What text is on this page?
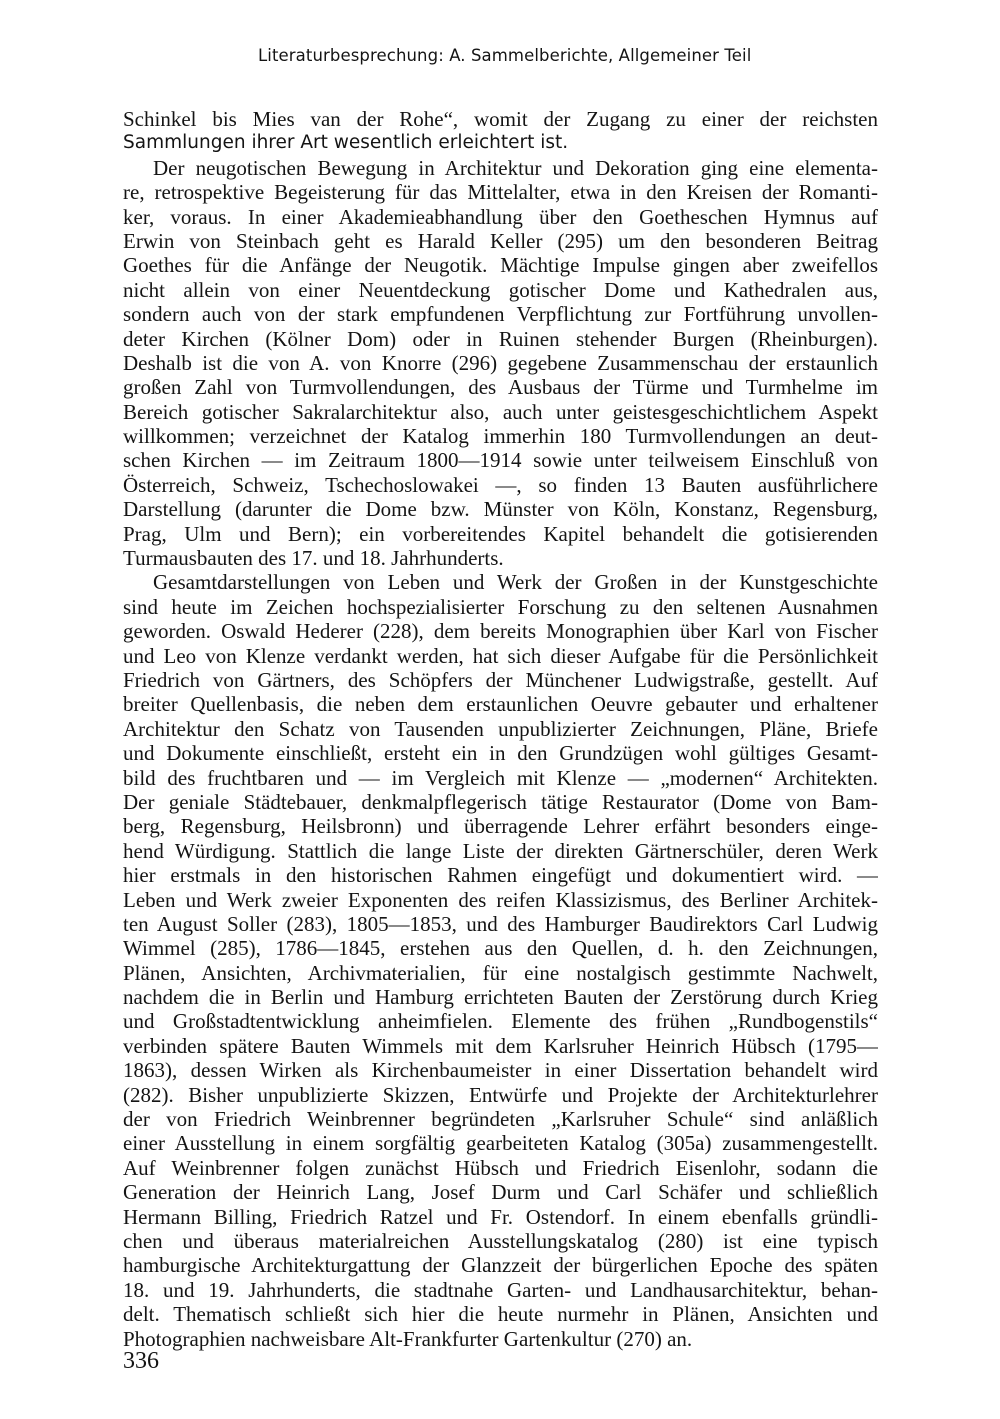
Literaturbesprechung: A. Sammelberichte, Allgemeiner Teil
Schinkel bis Mies van der Rohe“, womit der Zugang zu einer der reichsten
Sammlungen ihrer Art wesentlich erleichtert ist.
Der neugotischen Bewegung in Architektur und Dekoration ging eine elementa-
re, retrospektive Begeisterung für das Mittelalter, etwa in den Kreisen der Romanti-
ker, voraus. In einer Akademieabhandlung über den Goetheschen Hymnus auf
Erwin von Steinbach geht es Harald Keller (295) um den besonderen Beitrag
Goethes für die Anfänge der Neugotik. Mächtige Impulse gingen aber zweifellos
nicht allein von einer Neuentdeckung gotischer Dome und Kathedralen aus,
sondern auch von der stark empfundenen Verpflichtung zur Fortführung unvollen-
deter Kirchen (Kölner Dom) oder in Ruinen stehender Burgen (Rheinburgen).
Deshalb ist die von A. von Knorre (296) gegebene Zusammenschau der erstaunlich
großen Zahl von Turmvollendungen, des Ausbaus der Türme und Turmhelme im
Bereich gotischer Sakralarchitektur also, auch unter geistesgeschichtlichem Aspekt
willkommen; verzeichnet der Katalog immerhin 180 Turmvollendungen an deut-
schen Kirchen — im Zeitraum 1800—1914 sowie unter teilweisem Einschluß von
Österreich, Schweiz, Tschechoslowakei —, so finden 13 Bauten ausführlichere
Darstellung (darunter die Dome bzw. Münster von Köln, Konstanz, Regensburg,
Prag, Ulm und Bern); ein vorbereitendes Kapitel behandelt die gotisierenden
Turmausbauten des 17. und 18. Jahrhunderts.
Gesamtdarstellungen von Leben und Werk der Großen in der Kunstgeschichte
sind heute im Zeichen hochspezialisierter Forschung zu den seltenen Ausnahmen
geworden. Oswald Hederer (228), dem bereits Monographien über Karl von Fischer
und Leo von Klenze verdankt werden, hat sich dieser Aufgabe für die Persönlichkeit
Friedrich von Gärtners, des Schöpfers der Münchener Ludwigstraße, gestellt. Auf
breiter Quellenbasis, die neben dem erstaunlichen Oeuvre gebauter und erhaltener
Architektur den Schatz von Tausenden unpublizierter Zeichnungen, Pläne, Briefe
und Dokumente einschließt, ersteht ein in den Grundzügen wohl gültiges Gesamt-
bild des fruchtbaren und — im Vergleich mit Klenze — „modernen“ Architekten.
Der geniale Städtebauer, denkmalpflegerisch tätige Restaurator (Dome von Bam-
berg, Regensburg, Heilsbronn) und überragende Lehrer erfährt besonders einge-
hend Würdigung. Stattlich die lange Liste der direkten Gärtnerschüler, deren Werk
hier erstmals in den historischen Rahmen eingefügt und dokumentiert wird. —
Leben und Werk zweier Exponenten des reifen Klassizismus, des Berliner Architek-
ten August Soller (283), 1805—1853, und des Hamburger Baudirektors Carl Ludwig
Wimmel (285), 1786—1845, erstehen aus den Quellen, d. h. den Zeichnungen,
Plänen, Ansichten, Archivmaterialien, für eine nostalgisch gestimmte Nachwelt,
nachdem die in Berlin und Hamburg errichteten Bauten der Zerstörung durch Krieg
und Großstadtentwicklung anheimfielen. Elemente des frühen „Rundbogenstils“
verbinden spätere Bauten Wimmels mit dem Karlsruher Heinrich Hübsch (1795—
1863), dessen Wirken als Kirchenbaumeister in einer Dissertation behandelt wird
(282). Bisher unpublizierte Skizzen, Entwürfe und Projekte der Architekturlehrer
der von Friedrich Weinbrenner begründeten „Karlsruher Schule“ sind anläßlich
einer Ausstellung in einem sorgfältig gearbeiteten Katalog (305a) zusammengestellt.
Auf Weinbrenner folgen zunächst Hübsch und Friedrich Eisenlohr, sodann die
Generation der Heinrich Lang, Josef Durm und Carl Schäfer und schließlich
Hermann Billing, Friedrich Ratzel und Fr. Ostendorf. In einem ebenfalls gründli-
chen und überaus materialreichen Ausstellungskatalog (280) ist eine typisch
hamburgische Architekturgattung der Glanzzeit der bürgerlichen Epoche des späten
18. und 19. Jahrhunderts, die stadtnahe Garten- und Landhausarchitektur, behan-
delt. Thematisch schließt sich hier die heute nurmehr in Plänen, Ansichten und
Photographien nachweisbare Alt-Frankfurter Gartenkultur (270) an.
336
